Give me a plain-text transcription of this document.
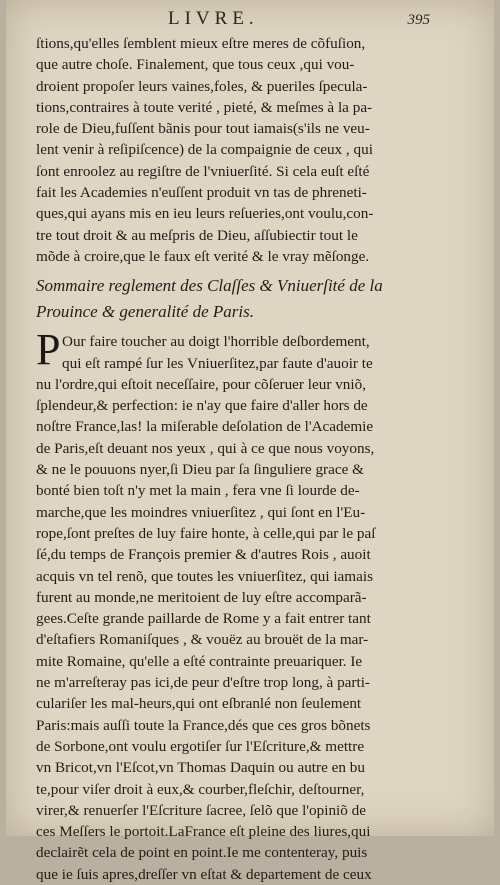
LIVRE.	395
ſtions,qu'elles ſemblent mieux eſtre meres de cõfuſion,
que autre choſe. Finalement, que tous ceux ,qui vou-
droient propoſer leurs vaines,foles, & pueriles ſpecula-
tions,contraires à toute verité , pieté, & meſmes à la pa-
role de Dieu,fuſſent bãnis pour tout iamais(s'ils ne veu-
lent venir à reſipiſcence) de la compaignie de ceux , qui
ſont enroolez au regiſtre de l'vniuerſité. Si cela euſt eſté
fait les Academies n'euſſent produit vn tas de phreneti-
ques,qui ayans mis en ieu leurs reſueries,ont voulu,con-
tre tout droit & au meſpris de Dieu, aſſubiectir tout le
mõde à croire,que le faux eſt verité & le vray mẽſonge.
Sommaire reglement des Claſſes & Vniuerſité de la
Prouince & generalité de Paris.
P Our faire toucher au doigt l'horrible deſbordement,
qui eſt rampé ſur les Vniuerſitez,par faute d'auoir te
nu l'ordre,qui eſtoit neceſſaire, pour cõſeruer leur vniõ,
ſplendeur,& perfection: ie n'ay que faire d'aller hors de
noſtre France,las! la miſerable deſolation de l'Academie
de Paris,eſt deuant nos yeux , qui à ce que nous voyons,
& ne le pouuons nyer,ſi Dieu par ſa ſinguliere grace &
bonté bien toſt n'y met la main , fera vne ſi lourde de-
marche,que les moindres vniuerſitez , qui ſont en l'Eu-
rope,ſont preſtes de luy faire honte, à celle,qui par le paſ
ſé,du temps de François premier & d'autres Rois , auoit
acquis vn tel renõ, que toutes les vniuerſitez, qui iamais
furent au monde,ne meritoient de luy eſtre accomparã-
gees.Ceſte grande paillarde de Rome y a fait entrer tant
d'eſtafiers Romaniſques , & vouëz au brouët de la mar-
mite Romaine, qu'elle a eſté contrainte preuariquer. Ie
ne m'arreſteray pas ici,de peur d'eſtre trop long, à parti-
culariſer les mal-heurs,qui ont eſbranlé non ſeulement
Paris:mais auſſi toute la France,dés que ces gros bõnets
de Sorbone,ont voulu ergotiſer ſur l'Eſcriture,& mettre
vn Bricot,vn l'Eſcot,vn Thomas Daquin ou autre en bu
te,pour viſer droit à eux,& courber,fleſchir, deſtourner,
virer,& renuerſer l'Eſcriture ſacree, ſelõ que l'opiniõ de
ces Meſſers le portoit.LaFrance eſt pleine des liures,qui
declairẽt cela de point en point.Ie me contenteray, puis
que ie ſuis apres,dreſſer vn eſtat & departement de ceux
